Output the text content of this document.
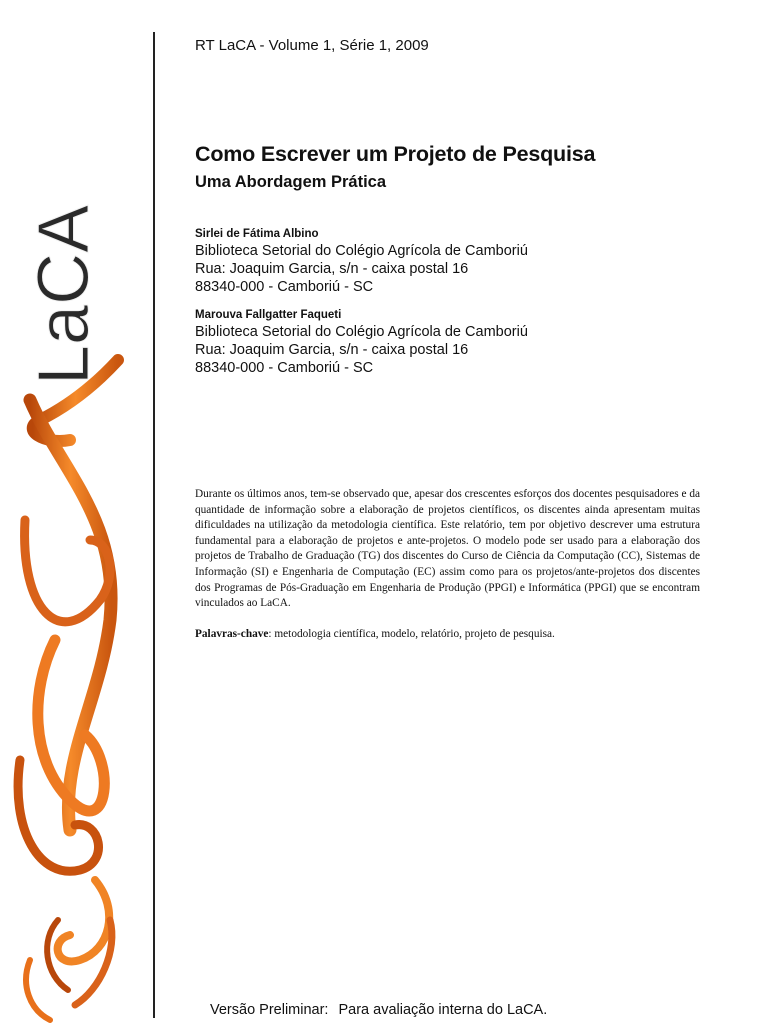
LaCA
RT LaCA - Volume 1, Série 1, 2009
Como Escrever um Projeto de Pesquisa
Uma Abordagem Prática
Sirlei de Fátima Albino
Biblioteca Setorial do Colégio Agrícola de Camboriú
Rua: Joaquim Garcia, s/n - caixa postal 16
88340-000 - Camboriú - SC
Marouva Fallgatter Faqueti
Biblioteca Setorial do Colégio Agrícola de Camboriú
Rua: Joaquim Garcia, s/n - caixa postal 16
88340-000 - Camboriú - SC
Durante os últimos anos, tem-se observado que, apesar dos crescentes esforços dos docentes pesquisadores e da quantidade de informação sobre a elaboração de projetos científicos, os discentes ainda apresentam muitas dificuldades na utilização da metodologia científica. Este relatório, tem por objetivo descrever uma estrutura fundamental para a elaboração de projetos e ante-projetos. O modelo pode ser usado para a elaboração dos projetos de Trabalho de Graduação (TG) dos discentes do Curso de Ciência da Computação (CC), Sistemas de Informação (SI) e Engenharia de Computação (EC) assim como para os projetos/ante-projetos dos discentes dos Programas de Pós-Graduação em Engenharia de Produção (PPGI) e Informática (PPGI) que se encontram vinculados ao LaCA.
Palavras-chave: metodologia científica, modelo, relatório, projeto de pesquisa.
Versão Preliminar: Para avaliação interna do LaCA.
